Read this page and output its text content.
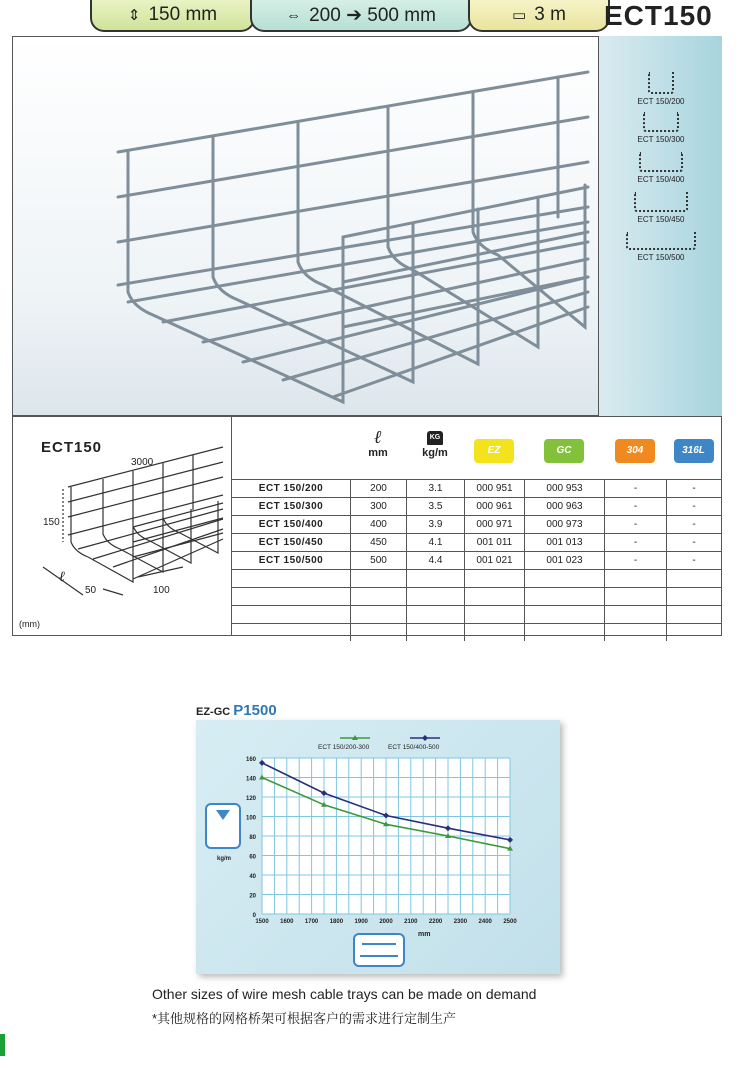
⇕ 150 mm	⇔ 200 ➔ 500 mm	▭ 3 m ECT150
ECT 150/200
ECT 150/300
ECT 150/400
ECT 150/450
ECT 150/500
ECT150
3000
150
ℓ
50	100
(mm)
ℓ
mm
KG
kg/m	EZ	GC	304	316L
ECT 150/200	200	3.1	000 951	000 953	-	-
ECT 150/300	300	3.5	000 961	000 963	-	-
ECT 150/400	400	3.9	000 971	000 973	-	-
ECT 150/450	450	4.1	001 011	001 013	-	-
ECT 150/500	500	4.4	001 021	001 023	-	-
EZ-GC P1500
0
20
40
60
80
100
120
140
160
1500 1600 1700 1800 1900 2000 2100 2200 2300 2400 2500
mm
kg/m
ECT 150/200-300	ECT 150/400-500
Other sizes of wire mesh cable trays can be made on demand
*其他规格的网格桥架可根据客户的需求进行定制生产
